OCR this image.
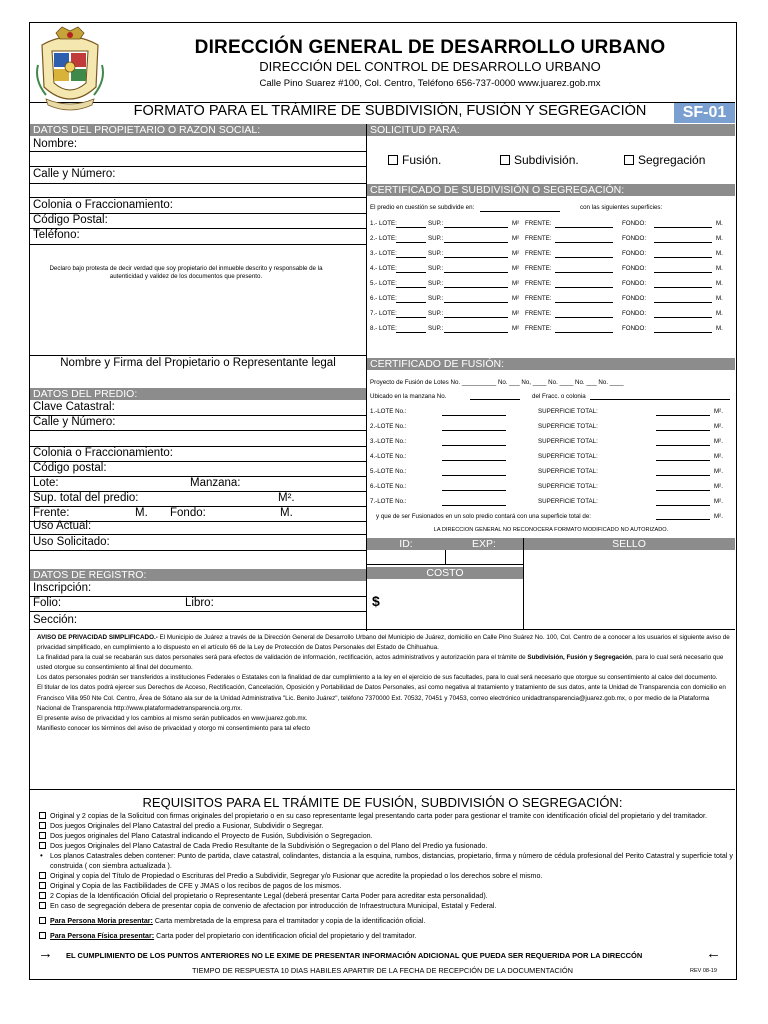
DIRECCIÓN GENERAL DE DESARROLLO URBANO
DIRECCIÓN DEL CONTROL DE DESARROLLO URBANO
Calle Pino Suarez #100, Col. Centro, Teléfono 656-737-0000 www.juarez.gob.mx
FORMATO PARA EL TRÁMIRE DE SUBDIVISIÓN, FUSIÓN Y SEGREGACIÓN	SF-01
DATOS DEL PROPIETARIO O RAZON SOCIAL:
Nombre:
Calle y Número:
Colonia o Fraccionamiento:
Código Postal:
Teléfono:
Declaro bajo protesta de decir verdad que soy propietario del inmueble descrito y responsable de la autenticidad y validez de los documentos que presento.
Nombre y Firma del Propietario o Representante legal
DATOS DEL PREDIO:
Clave Catastral:
Calle y Número:
Colonia o Fraccionamiento:
Código postal:
Lote:	Manzana:
Sup. total del predio:	M².
Frente:	M. Fondo:	M.
Uso Actual:
Uso Solicitado:
DATOS DE REGISTRO:
Inscripción:
Folio:	Libro:
Sección:
SOLICITUD PARA:
Fusión.	Subdivisión.	Segregación
CERTIFICADO DE SUBDIVISIÓN O SEGREGACIÓN:
El predio en cuestión se subdivide en:	con las siguientes superficies:
CERTIFICADO DE FUSIÓN:
Proyecto de Fusión de Lotes No. __________ No. ___ No, ____ No. ____ No. ___ No. ____
Ubicado en la manzana No.	del Fracc. o colonia
y que de ser Fusionados en un solo predio contará con una superficie total de:	M².
LA DIRECCION GENERAL NO RECONOCERA FORMATO MODIFICADO NO AUTORIZADO.
ID:	EXP:	SELLO
COSTO
$
AVISO DE PRIVACIDAD SIMPLIFICADO.- El Municipio de Juárez a través de la Dirección General de Desarrollo Urbano del Municipio de Juárez, domicilio en Calle Pino Suárez No. 100, Col. Centro de a conocer a los usuarios el siguiente aviso de privacidad simplificado, en cumplimiento a lo dispuesto en el artículo 66 de la Ley de Protección de Datos Personales del Estado de Chihuahua.
La finalidad para la cual se recabarán sus datos personales será para efectos de validación de información, rectificación, actos administrativos y autorización para el trámite de Subdivisión, Fusión y Segregación, para lo cual será necesario que usted otorgue su consentimiento al final del documento.
Los datos personales podrán ser transferidos a instituciones Federales o Estatales con la finalidad de dar cumplimiento a la ley en el ejercicio de sus facultades, para lo cual será necesario que otorgue su consentimiento al calce del documento.
El titular de los datos podrá ejercer sus Derechos de Acceso, Rectificación, Cancelación, Oposición y Portabilidad de Datos Personales, así como negativa al tratamiento y tratamiento de sus datos, ante la Unidad de Transparencia con domicilio en Francisco Villa 950 Nte Col. Centro, Área de Sótano ala sur de la Unidad Administrativa "Lic. Benito Juárez", teléfono 7370000 Ext. 70532, 70451 y 70453, correo electrónico unidadtransparencia@juarez.gob.mx, o por medio de la Plataforma Nacional de Transparencia http://www.plataformadetransparencia.org.mx.
El presente aviso de privacidad y los cambios al mismo serán publicados en www.juarez.gob.mx.
Manifiesto conocer los términos del aviso de privacidad y otorgo mi consentimiento para tal efecto
REQUISITOS PARA EL TRÁMITE DE FUSIÓN, SUBDIVISIÓN O SEGREGACIÓN:
Original y 2 copias de la Solicitud con firmas originales del propietario o en su caso representante legal presentando carta poder para gestionar el tramite con identificación oficial del propietario y del tramitador.
Dos juegos Originales del Plano Catastral del predio a Fusionar, Subdividir o Segregar.
Dos juegos originales del Plano Catastral indicando el Proyecto de Fusión, Subdivisión o Segregacion.
Dos juegos Originales del Plano Catastral de Cada Predio Resultante de la Subdivisión o Segregacion o del Plano del Predio ya fusionado.
• Los planos Catastrales deben contener: Punto de partida, clave catastral, colindantes, distancia a la esquina, rumbos, distancias, propietario, firma y número de cédula profesional del Perito Catastral y superficie total y construida ( con siembra actualizada ).
Original y copia del Título de Propiedad o Escrituras del Predio a Subdividir, Segregar y/o Fusionar que acredite la propiedad o los derechos sobre el mismo.
Original y Copia de las Factibilidades de CFE y JMAS o los recibos de pagos de los mismos.
2 Copias de la Identificación Oficial del propietario o Representante Legal (deberá presentar Carta Poder para acreditar esta personalidad).
En caso de segregación debera de presentar copia de convenio de afectacion por introducción de Infraestructura Municipal, Estatal y Federal.
Para Persona Moria presentar: Carta membretada de la empresa para el tramitador y copia de la identificación oficial.
Para Persona Física presentar: Carta poder del propietario con identificacion oficial del propietario y del tramitador.
→ EL CUMPLIMIENTO DE LOS PUNTOS ANTERIORES NO LE EXIME DE PRESENTAR INFORMACIÓN ADICIONAL QUE PUEDA SER REQUERIDA POR LA DIRECCÓN	←
TIEMPO DE RESPUESTA 10 DIAS HABILES APARTIR DE LA FECHA DE RECEPCIÓN DE LA DOCUMENTACIÓN	REV 08-19
1.- LOTE:	SUP.:	M² FRENTE:	FONDO:	M.
2.- LOTE:	SUP.:	M² FRENTE:	FONDO:	M.
3.- LOTE:	SUP.:	M² FRENTE:	FONDO:	M.
4.- LOTE:	SUP.:	M² FRENTE:	FONDO:	M.
5.- LOTE:	SUP.:	M² FRENTE:	FONDO:	M.
6.- LOTE:	SUP.:	M² FRENTE:	FONDO:	M.
7.- LOTE:	SUP.:	M² FRENTE:	FONDO:	M.
8.- LOTE:	SUP.:	M² FRENTE:	FONDO:	M.
1.-LOTE No.:	SUPERFICIE TOTAL:	M².
2.-LOTE No.:	SUPERFICIE TOTAL:	M².
3.-LOTE No.:	SUPERFICIE TOTAL:	M².
4.-LOTE No.:	SUPERFICIE TOTAL:	M².
5.-LOTE No.:	SUPERFICIE TOTAL:	M².
6.-LOTE No.:	SUPERFICIE TOTAL:	M².
7.-LOTE No.:	SUPERFICIE TOTAL:	M².
